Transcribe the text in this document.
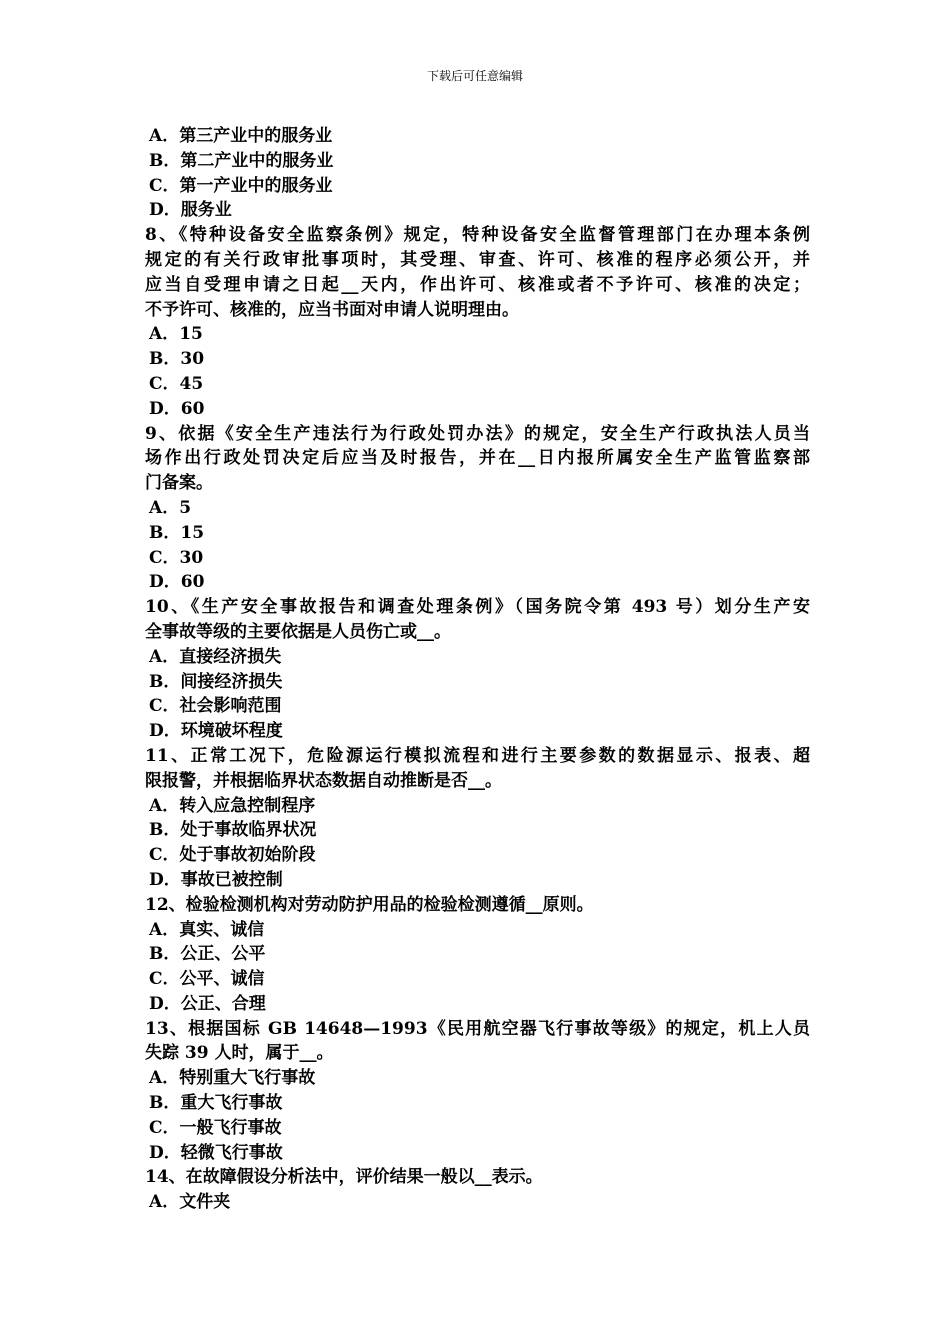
下载后可任意编辑
A．第三产业中的服务业
B．第二产业中的服务业
C．第一产业中的服务业
D．服务业
8、《特种设备安全监察条例》规定，特种设备安全监督管理部门在办理本条例
规定的有关行政审批事项时，其受理、审查、许可、核准的程序必须公开，并
应当自受理申请之日起__天内，作出许可、核准或者不予许可、核准的决定；
不予许可、核准的，应当书面对申请人说明理由。
A．15
B．30
C．45
D．60
9、依据《安全生产违法行为行政处罚办法》的规定，安全生产行政执法人员当
场作出行政处罚决定后应当及时报告，并在__日内报所属安全生产监管监察部
门备案。
A．5
B．15
C．30
D．60
10、《生产安全事故报告和调查处理条例》（国务院令第 493 号）划分生产安
全事故等级的主要依据是人员伤亡或__。
A．直接经济损失
B．间接经济损失
C．社会影响范围
D．环境破坏程度
11、正常工况下，危险源运行模拟流程和进行主要参数的数据显示、报表、超
限报警，并根据临界状态数据自动推断是否__。
A．转入应急控制程序
B．处于事故临界状况
C．处于事故初始阶段
D．事故已被控制
12、检验检测机构对劳动防护用品的检验检测遵循__原则。
A．真实、诚信
B．公正、公平
C．公平、诚信
D．公正、合理
13、根据国标 GB 14648—1993《民用航空器飞行事故等级》的规定，机上人员
失踪 39 人时，属于__。
A．特别重大飞行事故
B．重大飞行事故
C．一般飞行事故
D．轻微飞行事故
14、在故障假设分析法中，评价结果一般以__表示。
A．文件夹
